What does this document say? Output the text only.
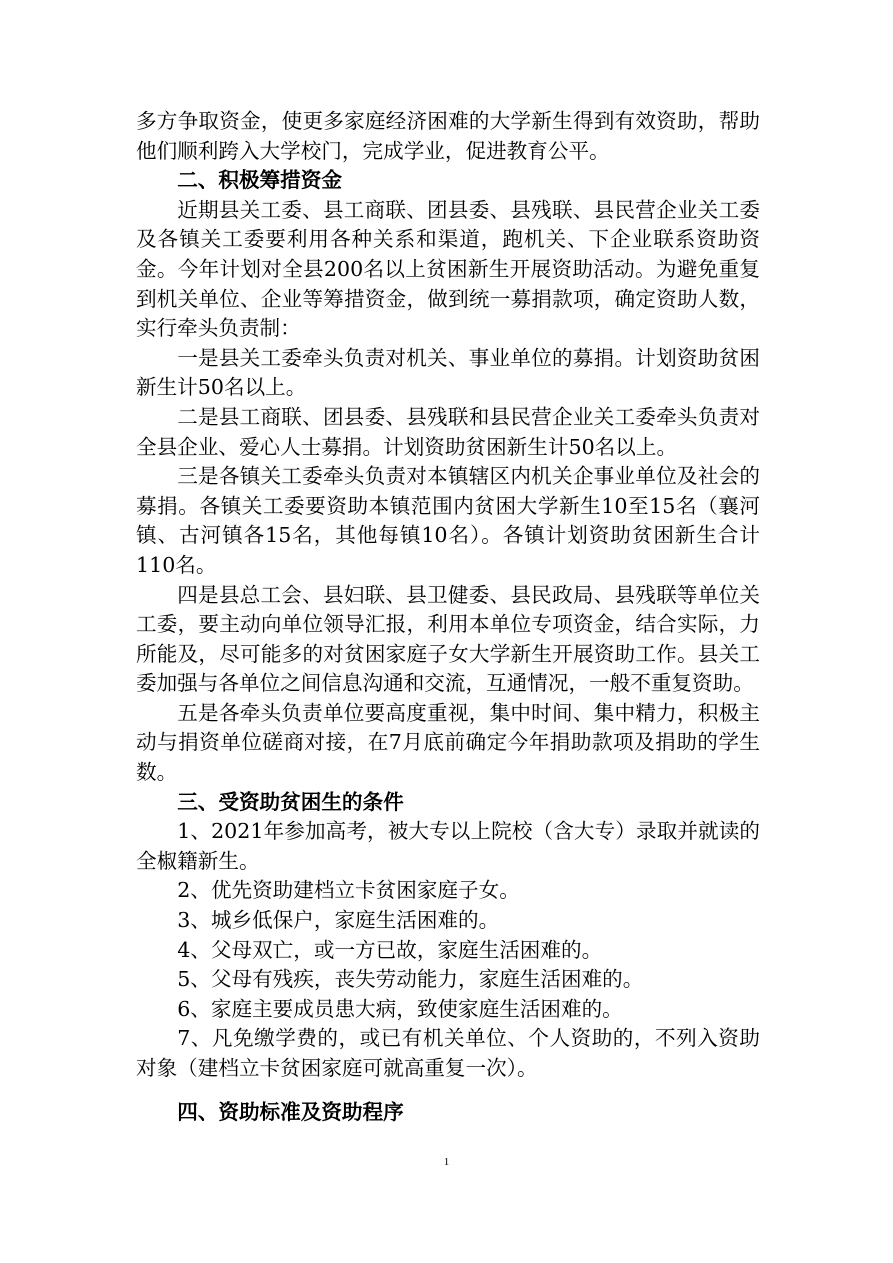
多方争取资金，使更多家庭经济困难的大学新生得到有效资助，帮助他们顺利跨入大学校门，完成学业，促进教育公平。

二、积极筹措资金

近期县关工委、县工商联、团县委、县残联、县民营企业关工委及各镇关工委要利用各种关系和渠道，跑机关、下企业联系资助资金。今年计划对全县200名以上贫困新生开展资助活动。为避免重复到机关单位、企业等筹措资金，做到统一募捐款项，确定资助人数，实行牵头负责制：

一是县关工委牵头负责对机关、事业单位的募捐。计划资助贫困新生计50名以上。

二是县工商联、团县委、县残联和县民营企业关工委牵头负责对全县企业、爱心人士募捐。计划资助贫困新生计50名以上。

三是各镇关工委牵头负责对本镇辖区内机关企事业单位及社会的募捐。各镇关工委要资助本镇范围内贫困大学新生10至15名（襄河镇、古河镇各15名，其他每镇10名）。各镇计划资助贫困新生合计110名。

四是县总工会、县妇联、县卫健委、县民政局、县残联等单位关工委，要主动向单位领导汇报，利用本单位专项资金，结合实际，力所能及，尽可能多的对贫困家庭子女大学新生开展资助工作。县关工委加强与各单位之间信息沟通和交流，互通情况，一般不重复资助。

五是各牵头负责单位要高度重视，集中时间、集中精力，积极主动与捐资单位磋商对接，在7月底前确定今年捐助款项及捐助的学生数。

三、受资助贫困生的条件

1、2021年参加高考，被大专以上院校（含大专）录取并就读的全椒籍新生。

2、优先资助建档立卡贫困家庭子女。

3、城乡低保户，家庭生活困难的。

4、父母双亡，或一方已故，家庭生活困难的。

5、父母有残疾，丧失劳动能力，家庭生活困难的。

6、家庭主要成员患大病，致使家庭生活困难的。

7、凡免缴学费的，或已有机关单位、个人资助的，不列入资助对象（建档立卡贫困家庭可就高重复一次）。

四、资助标准及资助程序

1
